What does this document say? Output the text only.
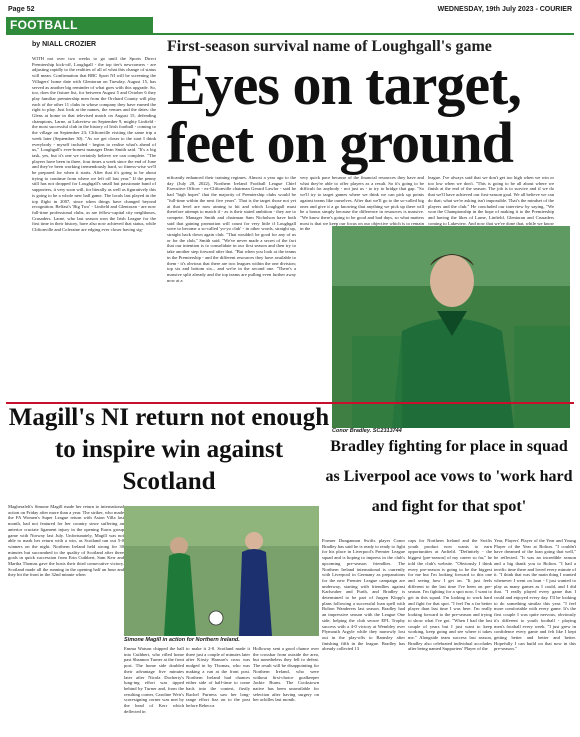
Page 52	WEDNESDAY, 19th July 2023 - COURIER
FOOTBALL
by NIALL CROZIER	First-season survival name of Loughgall's game
Eyes on target, feet on ground
WITH not over two weeks to go until the Sports Direct Premiership kick-off, Loughgall - the top tier's newcomers - are adjusting rapidly to the realities of all of what this change of status will mean. Confirmation that BBC Sport NI will be screening the Villagers' home date with Glentoran on Tuesday, August 15, has served as another big reminder of what goes with this upgrade. So, too, does the fixture list, for between August 5 and October 6 they play familiar premiership men from the Orchard County will play each of the other 11 clubs in whose company they have earned the right to play. Just look at the names, the venues and the dates: the Glens at home in that televised match on August 15, defending champions, Larne, at Lakeview on September 9, mighty Linfield - the most successful club in the history of Irish football - coming to the village on September 23; Cliftonville visiting the same trip a week later (September 30). "As we get closer to the start I think everybody - myself included - begins to realise what's ahead of us," Loughgall's ever-honest manager Dean Smith said. "It's a big task, yes, but it's one we certainly believe we can complete. "The players have been in three, four times a week since the end of June and they've been working tremendously hard, so fitness-wise we'll be prepared for when it starts. After that it's going to be about trying to continue from where we left off last year." If the penny still has not dropped for Loughgall's small but passionate band of supporters, it very soon will, for literally as well as figuratively this is going to be a whole new ball game. The locals last played in the top flight in 2007, since when things have changed beyond recognition. Belfast's 'Big Two' - Linfield and Glentoran - are now full-time professional clubs, as are fellow-capital city neighbours, Crusaders. Larne, who last season won the Irish League for the first time in their history, have also now achieved that status, while Cliftonville and Coleraine are edging ever closer having sig-
nificantly enhanced their training regimes. Almost a year ago to the day (July 28, 2022), Northern Ireland Football League Chief Executive Officer - ex-Cliftonville chairman Gerard Lawlor - said he had "high hopes" that the majority of Premiership clubs would be "full-time within the next five years". That is the target those not yet at that level are now aiming to hit and which Loughgall must therefore attempt to match if - as is their stated ambition - they are to compete. Manager Smith and chairman Sam Nicholson have both said that gaining promotion will count for very little if Loughgall were to become a so-called 'yo-yo club' - in other words, straight up, straight back down again club. "That wouldn't be good for any of us or for the club," Smith said. "We've never made a secret of the fact that our intention is to consolidate in our first season and then try to take another step forward after that. "But when you look at the teams in the Premiership - and the different resources they have available to them - it's obvious that there are two leagues within the one division; top six and bottom six... and we're in the second one. "There's a massive split already and the top teams are pulling even further away now at a
very quick pace because of the financial resources they have and what they're able to offer players as a result. So it's going to be difficult for anybody - not just us - to try to bridge that gap. "So we'll try to target games where we think we can pick up points against teams like ourselves. After that we'll go to the so-called big ones and give it a go knowing that anything we pick up there will be a bonus simply because the difference in resources is massive. "We know there's going to be good and bad days, so what matters most is that we keep our focus on our objective which is to remain in the
league. I've always said that we don't get too high when we win or too low when we don't. "This is going to be all about where we finish at the end of the season. The job is to survive and if we do that we'll have achieved our first-season goal. We all believe we can do that; what we're asking isn't impossible. That's the mindset of the players and the club." He concluded our interview by saying, "We won the Championship in the hope of making it to the Premiership and having the likes of Larne, Linfield, Glentoran and Crusaders coming to Lakeview. And now that we've done that, while we know
Conor Bradley. SC2313744
Magill's NI return not enough to inspire win against Scotland
Magherafelt's Simone Magill made her return to international action on Friday after more than a year. The striker, who made the FA Women's Super League return with Aston Villa last month, had not featured for her country since suffering an anterior cruciate ligament injury in the opening Euros group game with Norway last July. Unfortunately, Magill was not able to mark her return with a win, as Scotland ran out 5-0 winners on the night. Northern Ireland held strong for 30 minutes but succumbed to the quality of Scotland after three goals in quick succession from Erin Cuthbert, Sam Kerr and Martha Thomas gave the hosts their third consecutive victory. Scotland made all the running in the opening half an hour and they hit the front in the 32nd minute when
Simone Magill in action for Northern Ireland.
Emma Watson chipped the ball into Cuthbert, who rifled home past Shannon Turner at the front post. The home side doubled their advantage five minutes later after Nicola Docherty's lung-ing effort was tipped behind by Turner and, from the resulting corner, Caroline Weir's scoresigning corner was met by the head of Kerr which deflected in
to make it 2-0. Scotland made it three just a couple of minutes later after Kirsty Hanson's cross was nudged in by Thomas, who was making a run at the front post. Northern Ireland had chances either side of half-time to come back into the contest, firstly Rachel Furness saw her long-range effort fizz on to the post before Rebecca
Holloway sent a good chance over the crossbar from outside the area, but nonetheless they fell to defeat. The result will be disappointing for Northern Ireland, who were without first-choice goalkeeper Jackie Burns. The Cookstown native has been unavailable for selection after having surgery on her achilles last month.
Bradley fighting for place in squad as Liverpool ace vows to 'work hard and fight for that spot'
Former Dungannon Swifts player Conor Bradley has said he is ready to ready to fight for his place in Liverpool's Premier League squad and is hoping to impress in the club's upcoming pre-season friendlies. The Northern Ireland international is currently with Liverpool in Germany as preparations for the new Premier League campaign are underway, starting with friendlies against Karlsruher and Furth, and Bradley is determined to be part of Jurgen Klopp's plans following a successful loan spell with Bolton Wanderers last season. Bradley had an impressive season with the League One side, helping the club secure EFL Trophy success with a 4-0 victory at Wembley over Plymouth Argyle while they narrowly lost out in the play-offs to Barnsley after finishing fifth in the league. Bradley has already collected 13
caps for Northern Ireland and the Swifts youth product now wants to earn opportunities at Anfield. "Definitely - the biggest [pre-season] of my career so far," he told the club's website. "Obviously I think every pre-season is going to be the biggest for me but I'm looking forward to this one and seeing how I get on. "It just feels different to the last time I've been on pre-season. I'm fighting for a spot now, I want to get in this squad. I'm looking to work hard and fight for that spot. "I feel I'm a far better player than last time I was here. I'm really looking forward to the pre-season and trying to show what I've got. "When I had the last couple of years but I just want to keep working, keep going and see where it takes me." Alongside team success last season, Bradley also celebrated individual accolades after being named Supporters' Player of the
Year, Players' Player of the Year and Young Player of the Year at Bolton. "I couldn't have dreamed of the loan going that well," he reflected. "It was an incredible season and a big thank you to Bolton. "I had a terrific time there and loved every minute of it. "I think that was the main thing I wanted whenever I went on loan - I just wanted to play as many games as I could, and I did that. "I really played every game that I could and enjoyed every day. I'll be looking to do something similar this year. "I feel more comfortable with every game. It's the first couple I was quite nervous, obviously it's different to youth football - playing men's football every week. "I just grew in confidence every game and felt like I kept getting better and better and better. Hopefully I can build on that now in this pre-season."
